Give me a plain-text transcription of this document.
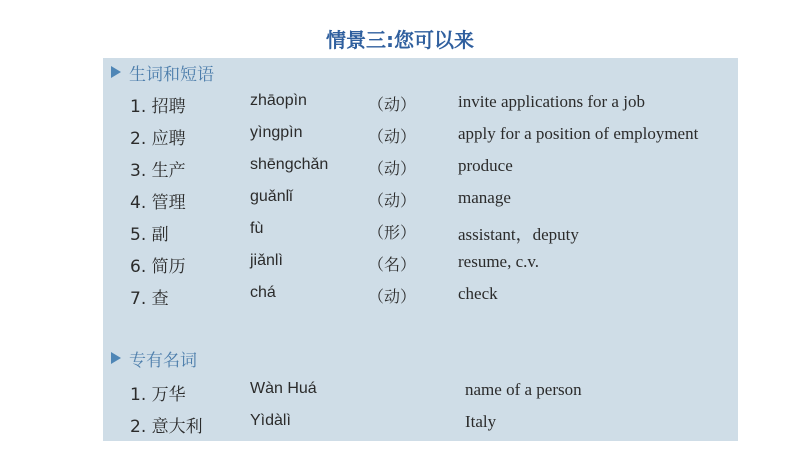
情景三:您可以来
生词和短语
1. 招聘	zhāopìn	（动） invite applications for a job
2. 应聘	yìngpìn	（动） apply for a position of employment
3. 生产	shēngchǎn （动） produce
4. 管理	guǎnlǐ	（动） manage
5. 副	fù	（形） assistant，deputy
6. 简历	jiǎnlì	（名） resume, c.v.
7. 查	chá	（动） check
专有名词
1. 万华	Wàn Huá	name of a person
2. 意大利	Yìdàlì	Italy
